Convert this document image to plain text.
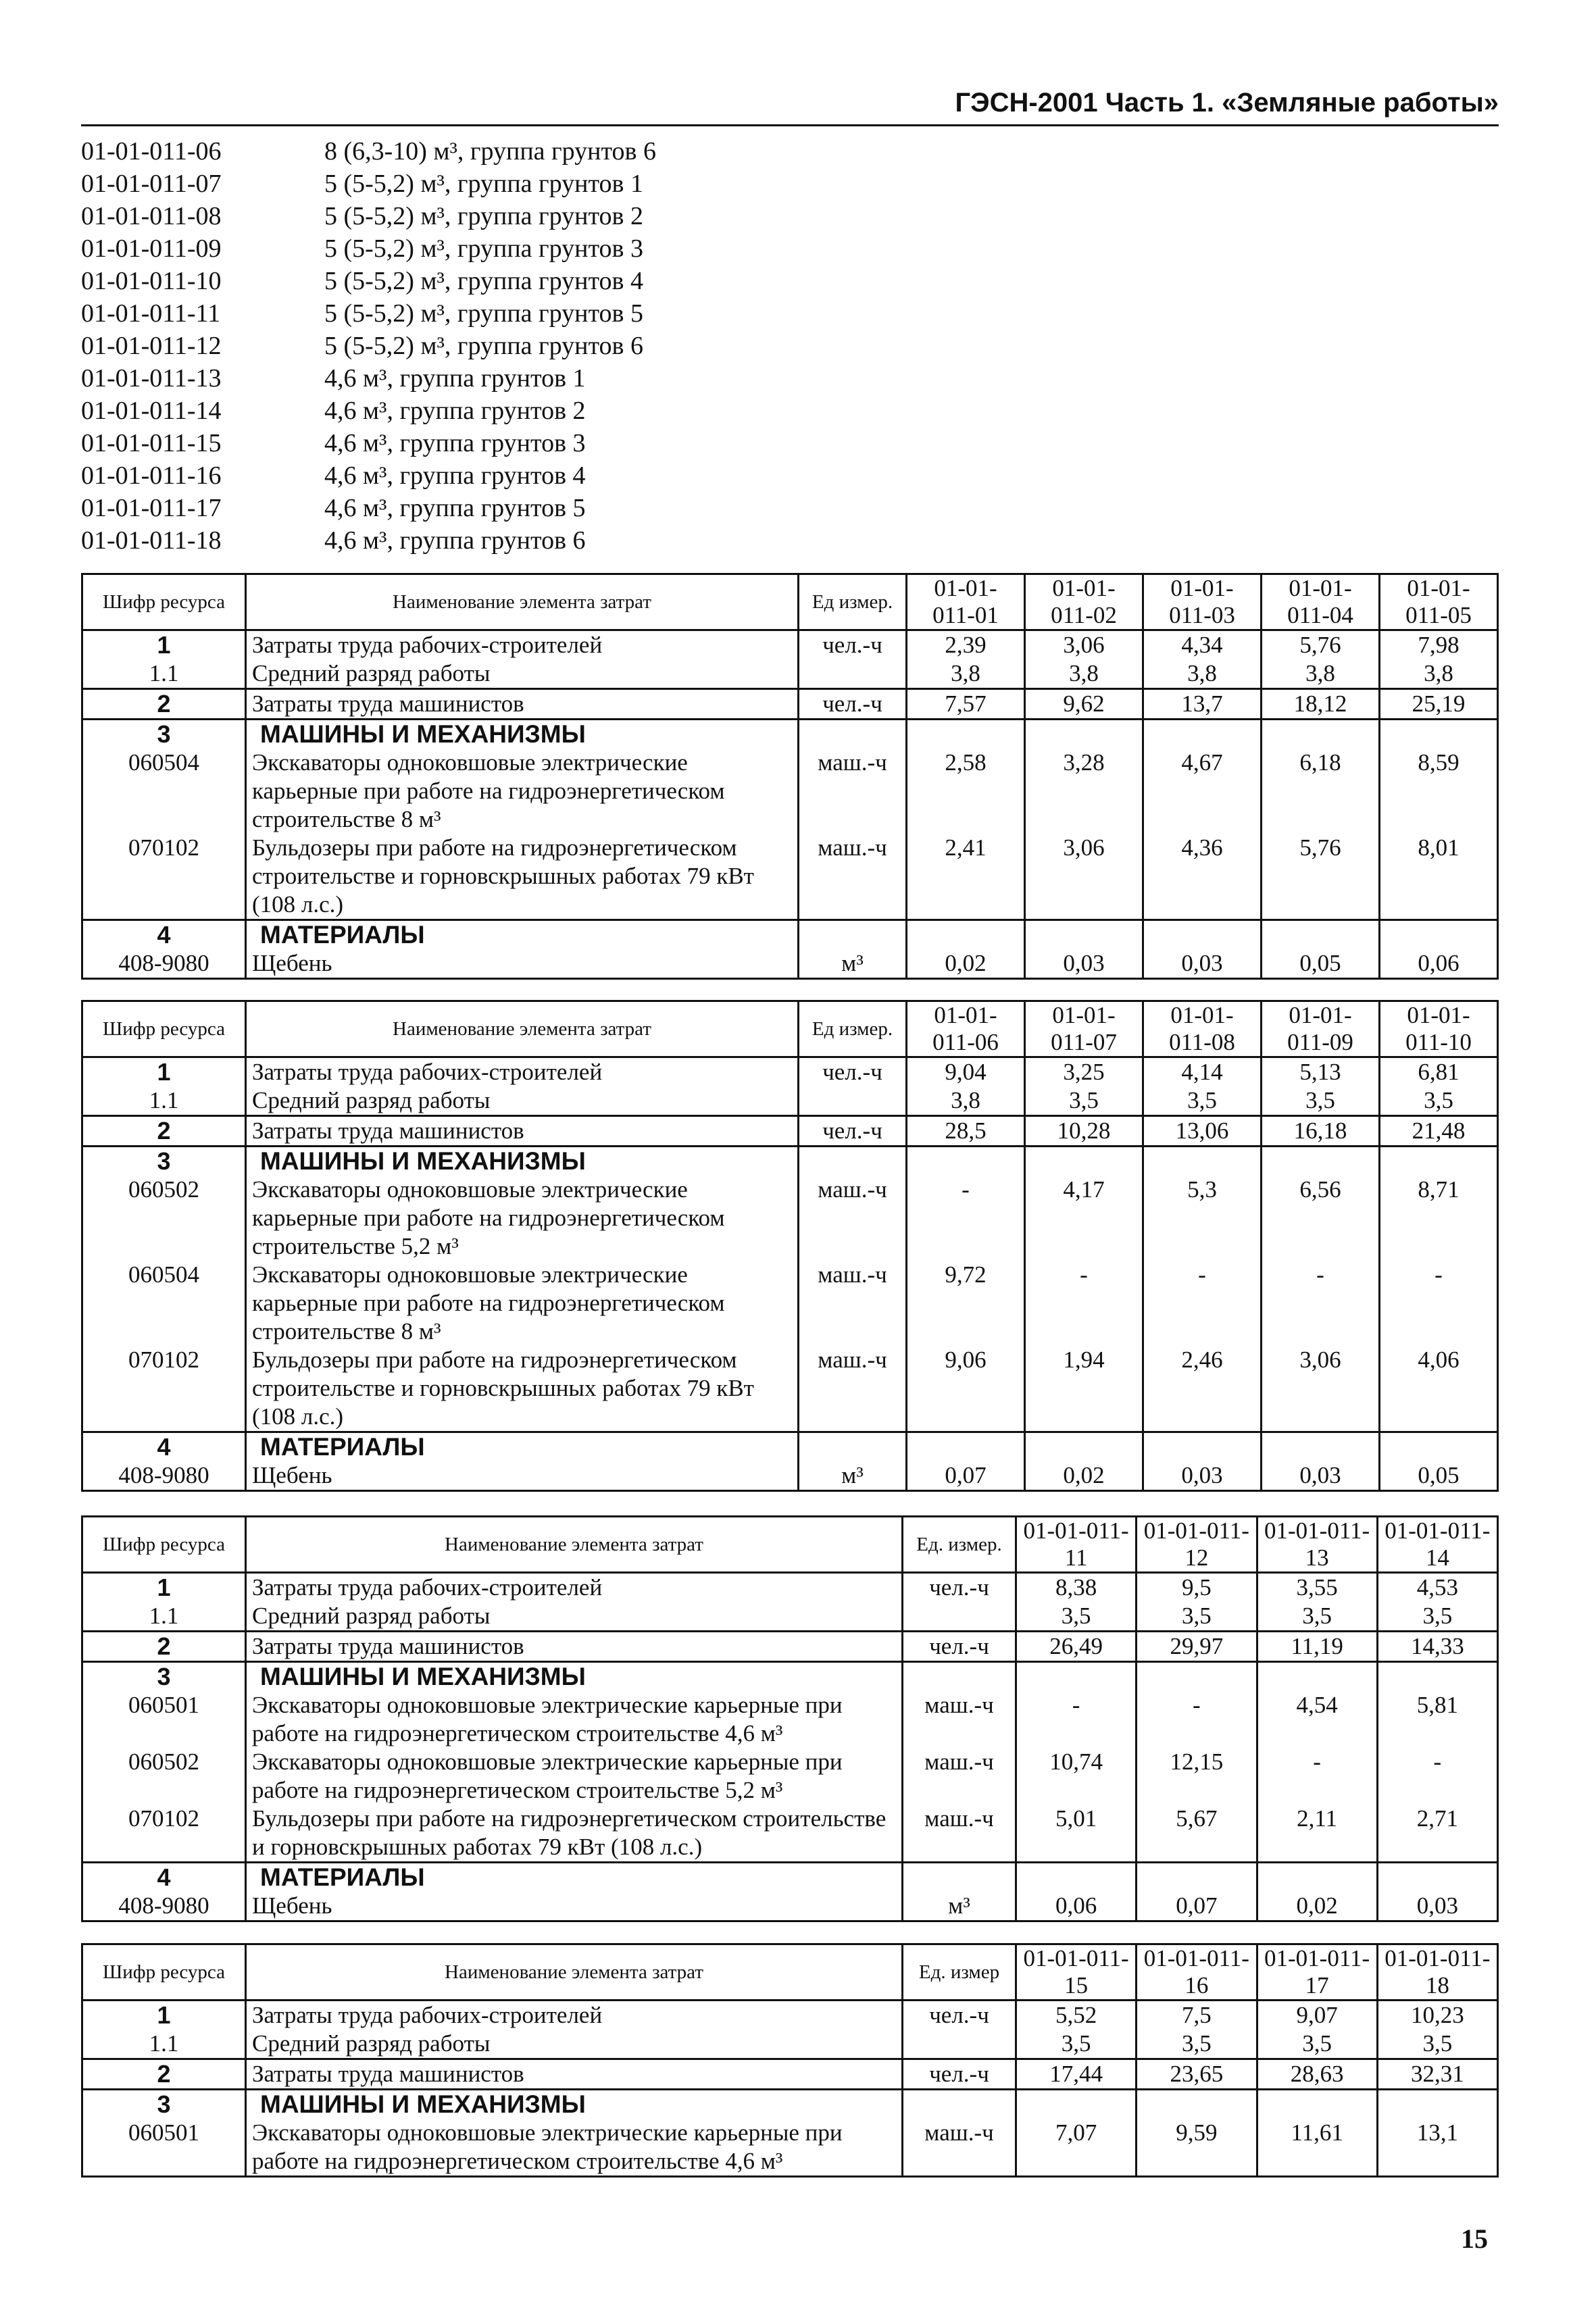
ГЭСН-2001 Часть 1. «Земляные работы»
01-01-011-06	8 (6,3-10) м³, группа грунтов 6
01-01-011-07	5 (5-5,2) м³, группа грунтов 1
01-01-011-08	5 (5-5,2) м³, группа грунтов 2
01-01-011-09	5 (5-5,2) м³, группа грунтов 3
01-01-011-10	5 (5-5,2) м³, группа грунтов 4
01-01-011-11	5 (5-5,2) м³, группа грунтов 5
01-01-011-12	5 (5-5,2) м³, группа грунтов 6
01-01-011-13	4,6 м³, группа грунтов 1
01-01-011-14	4,6 м³, группа грунтов 2
01-01-011-15	4,6 м³, группа грунтов 3
01-01-011-16	4,6 м³, группа грунтов 4
01-01-011-17	4,6 м³, группа грунтов 5
01-01-011-18	4,6 м³, группа грунтов 6
Шифр ресурса	Наименование элемента затрат	Ед измер.	01-01-011-01	01-01-011-02	01-01-011-03	01-01-011-04	01-01-011-05
1	Затраты труда рабочих-строителей	чел.-ч	2,39	3,06	4,34	5,76	7,98
1.1	Средний разряд работы		3,8	3,8	3,8	3,8	3,8
2	Затраты труда машинистов	чел.-ч	7,57	9,62	13,7	18,12	25,19
3	МАШИНЫ И МЕХАНИЗМЫ						
060504	Экскаваторы одноковшовые электрические карьерные при работе на гидроэнергетическом строительстве 8 м³	маш.-ч	2,58	3,28	4,67	6,18	8,59
070102	Бульдозеры при работе на гидроэнергетическом строительстве и горновскрышных работах 79 кВт (108 л.с.)	маш.-ч	2,41	3,06	4,36	5,76	8,01
4	МАТЕРИАЛЫ						
408-9080	Щебень	м³	0,02	0,03	0,03	0,05	0,06
Шифр ресурса	Наименование элемента затрат	Ед измер.	01-01-011-06	01-01-011-07	01-01-011-08	01-01-011-09	01-01-011-10
1	Затраты труда рабочих-строителей	чел.-ч	9,04	3,25	4,14	5,13	6,81
1.1	Средний разряд работы		3,8	3,5	3,5	3,5	3,5
2	Затраты труда машинистов	чел.-ч	28,5	10,28	13,06	16,18	21,48
3	МАШИНЫ И МЕХАНИЗМЫ						
060502	Экскаваторы одноковшовые электрические карьерные при работе на гидроэнергетическом строительстве 5,2 м³	маш.-ч	-	4,17	5,3	6,56	8,71
060504	Экскаваторы одноковшовые электрические карьерные при работе на гидроэнергетическом строительстве 8 м³	маш.-ч	9,72	-	-	-	-
070102	Бульдозеры при работе на гидроэнергетическом строительстве и горновскрышных работах 79 кВт (108 л.с.)	маш.-ч	9,06	1,94	2,46	3,06	4,06
4	МАТЕРИАЛЫ						
408-9080	Щебень	м³	0,07	0,02	0,03	0,03	0,05
Шифр ресурса	Наименование элемента затрат	Ед. измер.	01-01-011-11	01-01-011-12	01-01-011-13	01-01-011-14
1	Затраты труда рабочих-строителей	чел.-ч	8,38	9,5	3,55	4,53
1.1	Средний разряд работы		3,5	3,5	3,5	3,5
2	Затраты труда машинистов	чел.-ч	26,49	29,97	11,19	14,33
3	МАШИНЫ И МЕХАНИЗМЫ					
060501	Экскаваторы одноковшовые электрические карьерные при работе на гидроэнергетическом строительстве 4,6 м³	маш.-ч	-	-	4,54	5,81
060502	Экскаваторы одноковшовые электрические карьерные при работе на гидроэнергетическом строительстве 5,2 м³	маш.-ч	10,74	12,15	-	-
070102	Бульдозеры при работе на гидроэнергетическом строительстве и горновскрышных работах 79 кВт (108 л.с.)	маш.-ч	5,01	5,67	2,11	2,71
4	МАТЕРИАЛЫ					
408-9080	Щебень	м³	0,06	0,07	0,02	0,03
Шифр ресурса	Наименование элемента затрат	Ед. измер	01-01-011-15	01-01-011-16	01-01-011-17	01-01-011-18
1	Затраты труда рабочих-строителей	чел.-ч	5,52	7,5	9,07	10,23
1.1	Средний разряд работы		3,5	3,5	3,5	3,5
2	Затраты труда машинистов	чел.-ч	17,44	23,65	28,63	32,31
3	МАШИНЫ И МЕХАНИЗМЫ					
060501	Экскаваторы одноковшовые электрические карьерные при работе на гидроэнергетическом строительстве 4,6 м³	маш.-ч	7,07	9,59	11,61	13,1
15
